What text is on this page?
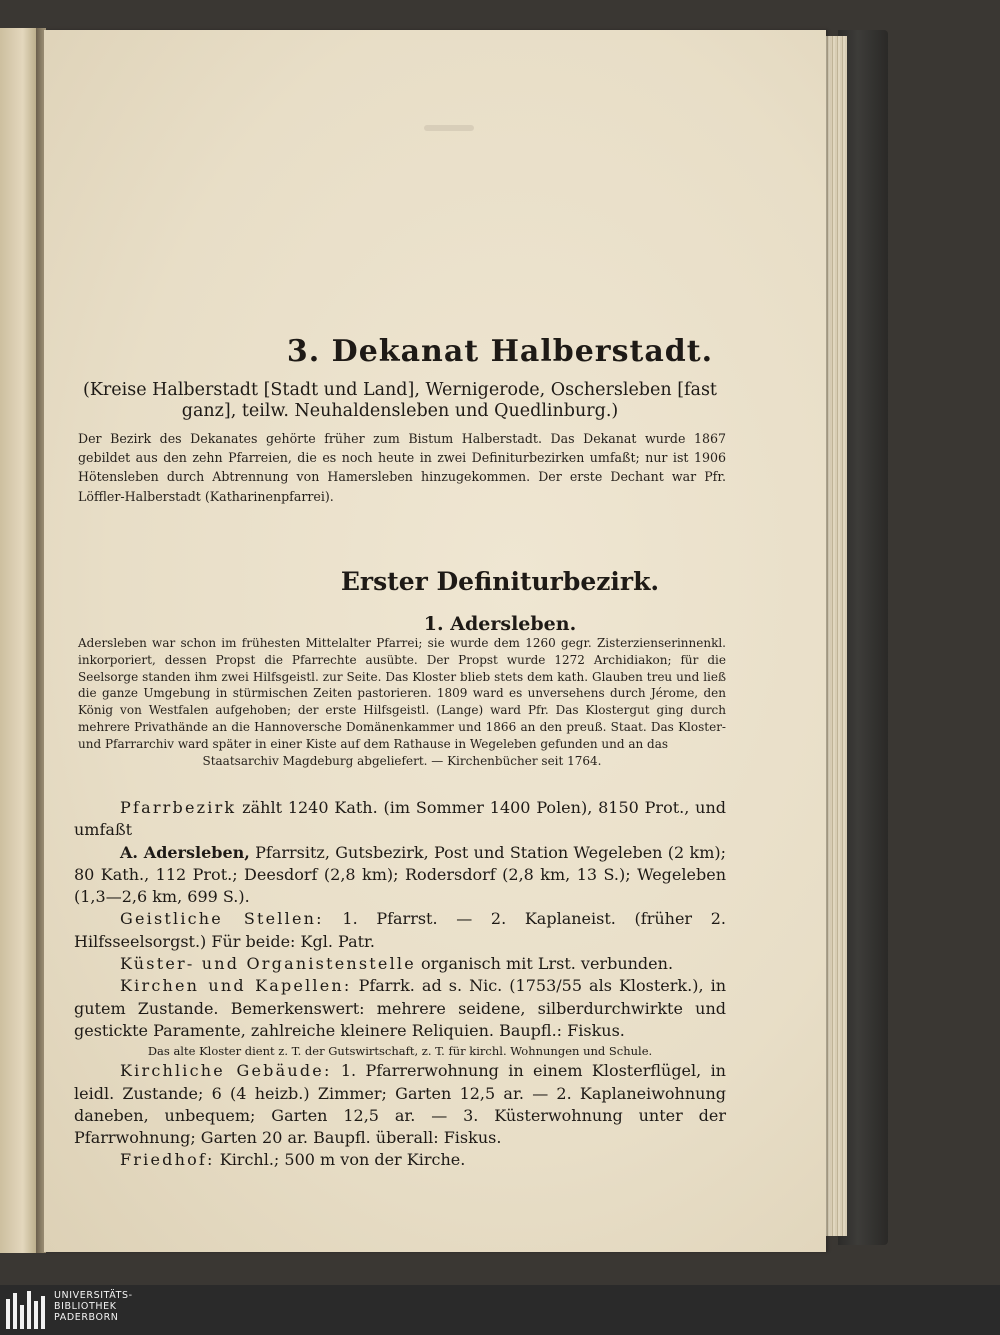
3. Dekanat Halberstadt.
(Kreise Halberstadt [Stadt und Land], Wernigerode, Oschersleben [fast ganz], teilw. Neuhaldensleben und Quedlinburg.)
Der Bezirk des Dekanates gehörte früher zum Bistum Halberstadt. Das Dekanat wurde 1867 gebildet aus den zehn Pfarreien, die es noch heute in zwei Definiturbezirken umfaßt; nur ist 1906 Hötensleben durch Abtrennung von Hamersleben hinzugekommen. Der erste Dechant war Pfr. Löffler-Halberstadt (Katharinenpfarrei).
Erster Definiturbezirk.
1. Adersleben.
Adersleben war schon im frühesten Mittelalter Pfarrei; sie wurde dem 1260 gegr. Zisterzienserinnenkl. inkorporiert, dessen Propst die Pfarrechte ausübte. Der Propst wurde 1272 Archidiakon; für die Seelsorge standen ihm zwei Hilfsgeistl. zur Seite. Das Kloster blieb stets dem kath. Glauben treu und ließ die ganze Umgebung in stürmischen Zeiten pastorieren. 1809 ward es unversehens durch Jérome, den König von Westfalen aufgehoben; der erste Hilfsgeistl. (Lange) ward Pfr. Das Klostergut ging durch mehrere Privathände an die Hannoversche Domänenkammer und 1866 an den preuß. Staat. Das Kloster- und Pfarrarchiv ward später in einer Kiste auf dem Rathause in Wegeleben gefunden und an das
Staatsarchiv Magdeburg abgeliefert. — Kirchenbücher seit 1764.

Pfarrbezirk zählt 1240 Kath. (im Sommer 1400 Polen), 8150 Prot., und umfaßt

A. Adersleben, Pfarrsitz, Gutsbezirk, Post und Station Wegeleben (2 km); 80 Kath., 112 Prot.; Deesdorf (2,8 km); Rodersdorf (2,8 km, 13 S.); Wegeleben (1,3—2,6 km, 699 S.).

Geistliche Stellen: 1. Pfarrst. — 2. Kaplaneist. (früher 2. Hilfsseelsorgst.) Für beide: Kgl. Patr.

Küster- und Organistenstelle organisch mit Lrst. verbunden.

Kirchen und Kapellen: Pfarrk. ad s. Nic. (1753/55 als Klosterk.), in gutem Zustande. Bemerkenswert: mehrere seidene, silberdurchwirkte und gestickte Paramente, zahlreiche kleinere Reliquien. Baupfl.: Fiskus.

Das alte Kloster dient z. T. der Gutswirtschaft, z. T. für kirchl. Wohnungen und Schule.

Kirchliche Gebäude: 1. Pfarrerwohnung in einem Klosterflügel, in leidl. Zustande; 6 (4 heizb.) Zimmer; Garten 12,5 ar. — 2. Kaplaneiwohnung daneben, unbequem; Garten 12,5 ar. — 3. Küsterwohnung unter der Pfarrwohnung; Garten 20 ar. Baupfl. überall: Fiskus.

Friedhof: Kirchl.; 500 m von der Kirche.

UNIVERSITÄTS-
BIBLIOTHEK
PADERBORN
